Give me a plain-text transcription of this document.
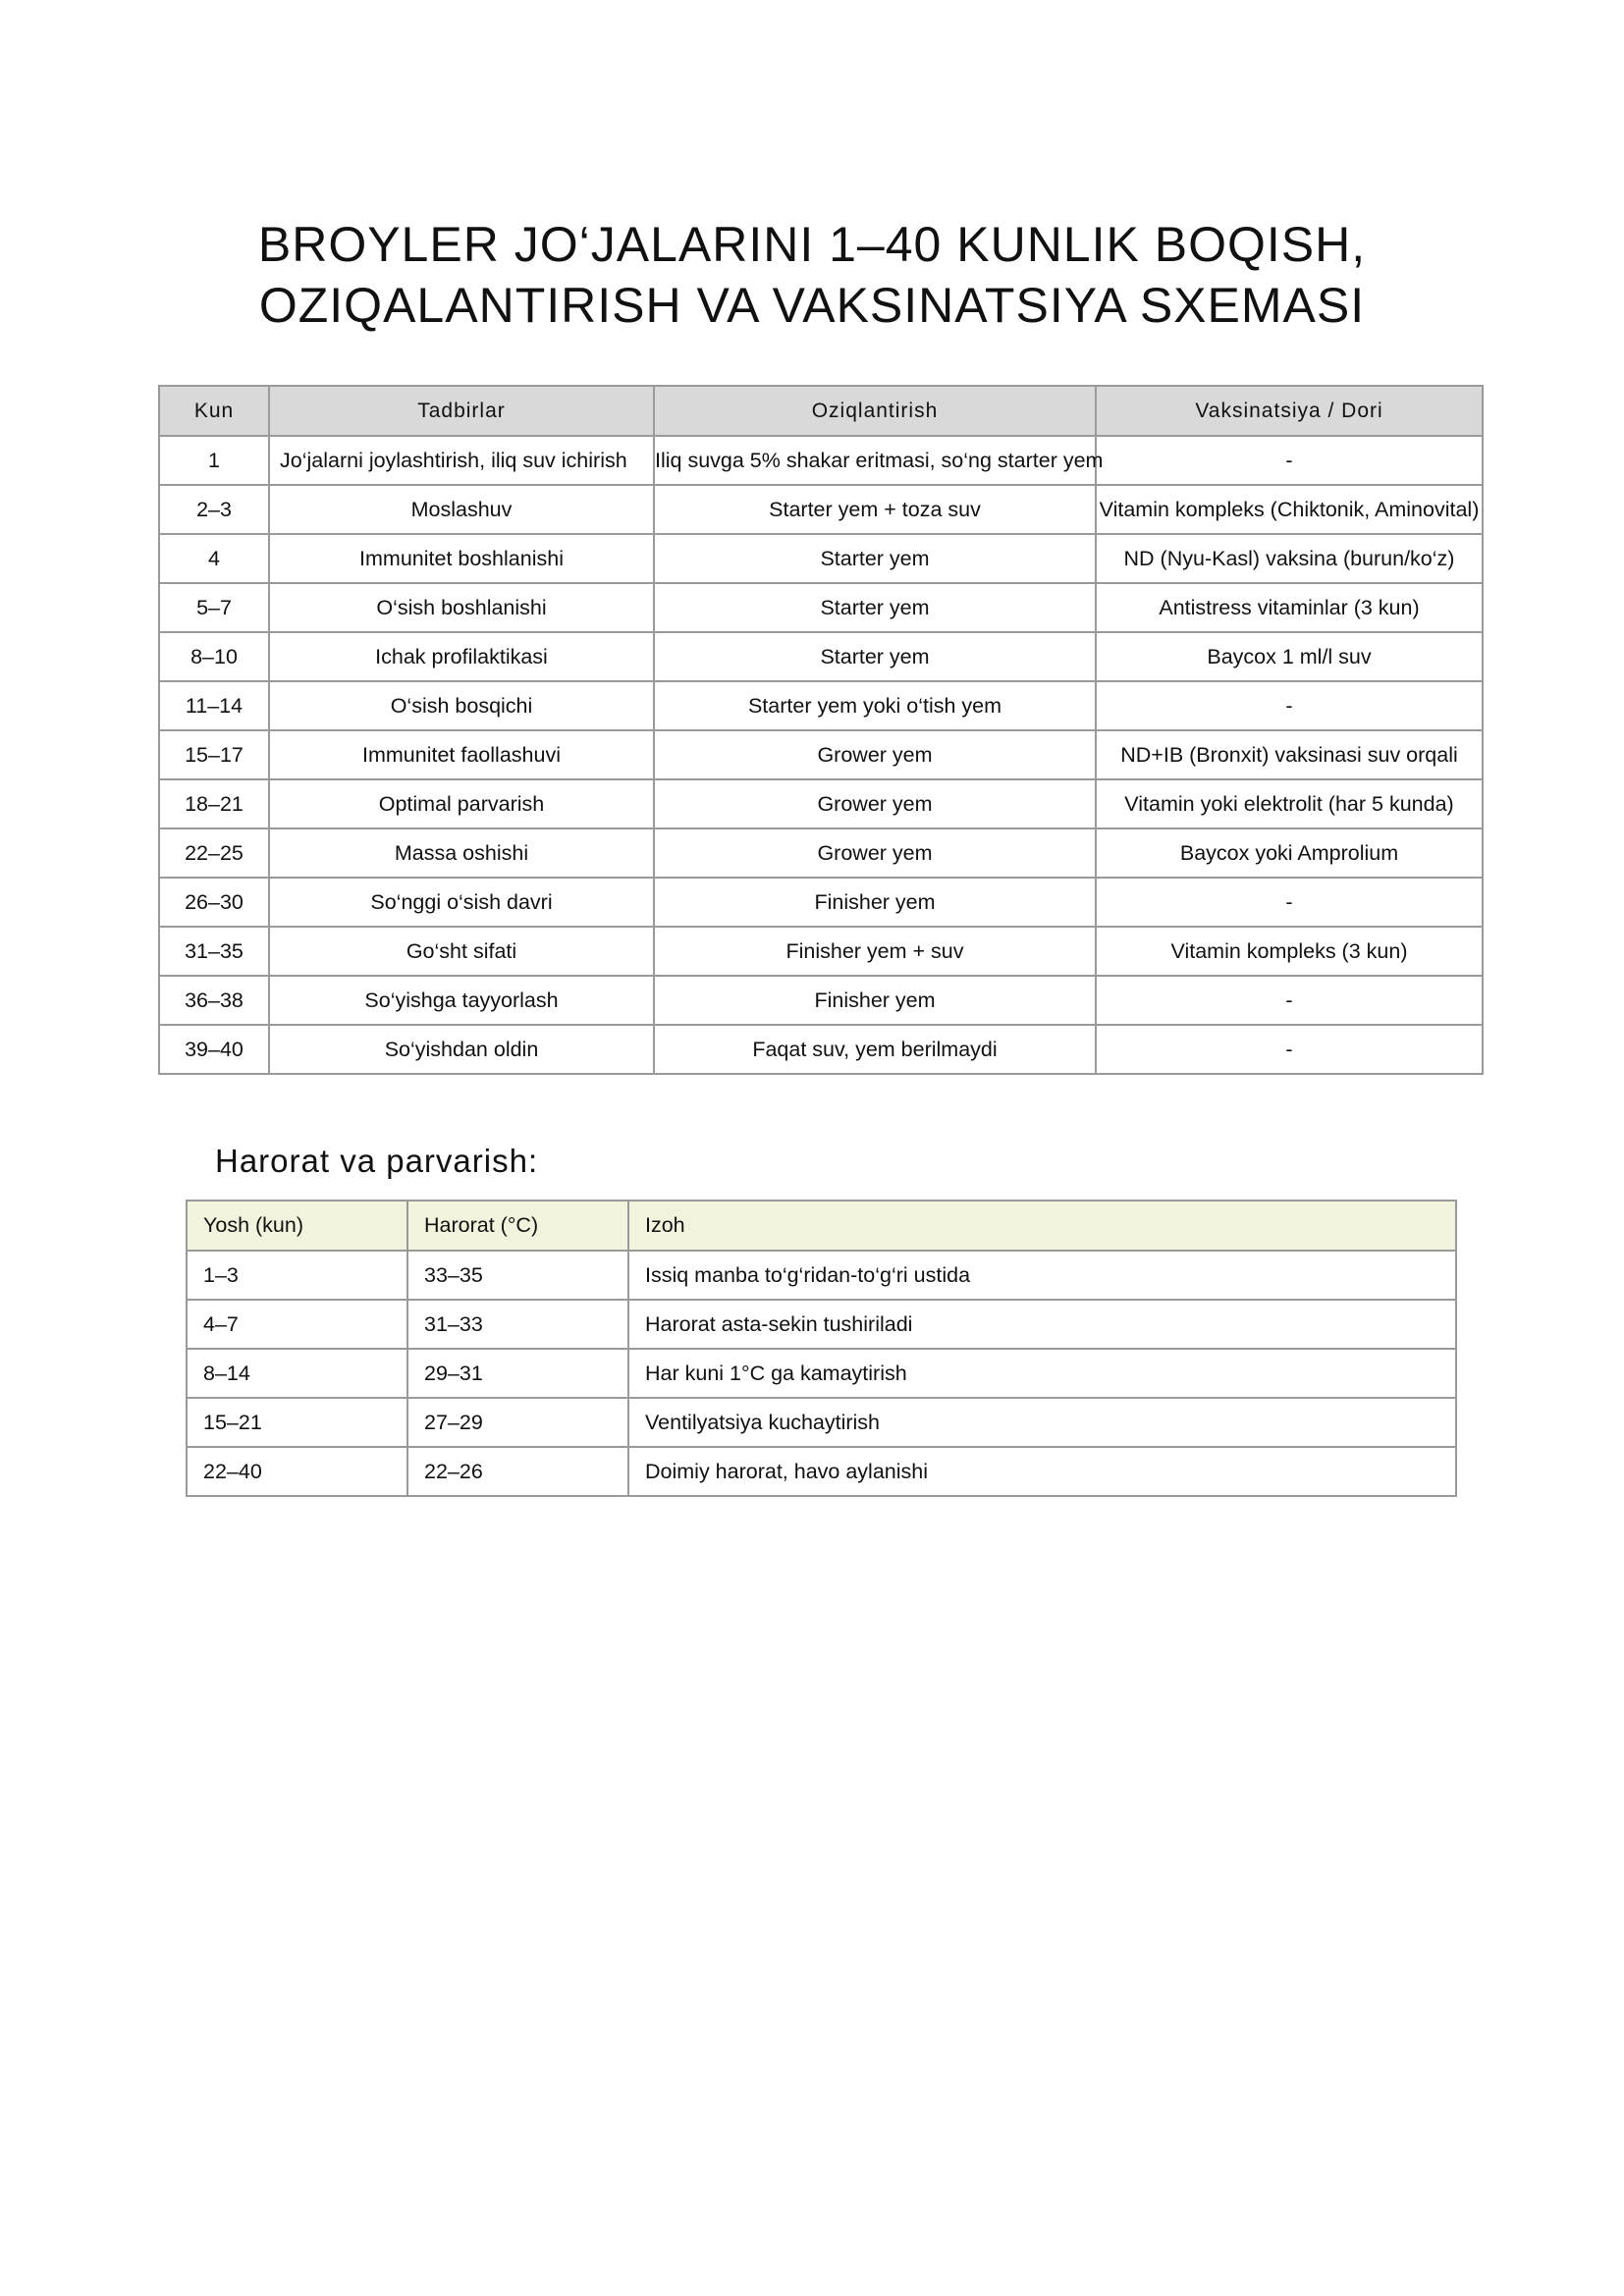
BROYLER JO‘JALARINI 1–40 KUNLIK BOQISH,
OZIQALANTIRISH VA VAKSINATSIYA SXEMASI
Kun	Tadbirlar	Oziqlantirish	Vaksinatsiya / Dori
1	Jo‘jalarni joylashtirish, iliq suv ichirish	Iliq suvga 5% shakar eritmasi, so‘ng starter yem	-
2–3	Moslashuv	Starter yem + toza suv	Vitamin kompleks (Chiktonik, Aminovital)
4	Immunitet boshlanishi	Starter yem	ND (Nyu-Kasl) vaksina (burun/ko‘z)
5–7	O‘sish boshlanishi	Starter yem	Antistress vitaminlar (3 kun)
8–10	Ichak profilaktikasi	Starter yem	Baycox 1 ml/l suv
11–14	O‘sish bosqichi	Starter yem yoki o‘tish yem	-
15–17	Immunitet faollashuvi	Grower yem	ND+IB (Bronxit) vaksinasi suv orqali
18–21	Optimal parvarish	Grower yem	Vitamin yoki elektrolit (har 5 kunda)
22–25	Massa oshishi	Grower yem	Baycox yoki Amprolium
26–30	So‘nggi o‘sish davri	Finisher yem	-
31–35	Go‘sht sifati	Finisher yem + suv	Vitamin kompleks (3 kun)
36–38	So‘yishga tayyorlash	Finisher yem	-
39–40	So‘yishdan oldin	Faqat suv, yem berilmaydi	-
Harorat va parvarish:
Yosh (kun)	Harorat (°C)	Izoh
1–3	33–35	Issiq manba to‘g‘ridan-to‘g‘ri ustida
4–7	31–33	Harorat asta-sekin tushiriladi
8–14	29–31	Har kuni 1°C ga kamaytirish
15–21	27–29	Ventilyatsiya kuchaytirish
22–40	22–26	Doimiy harorat, havo aylanishi
